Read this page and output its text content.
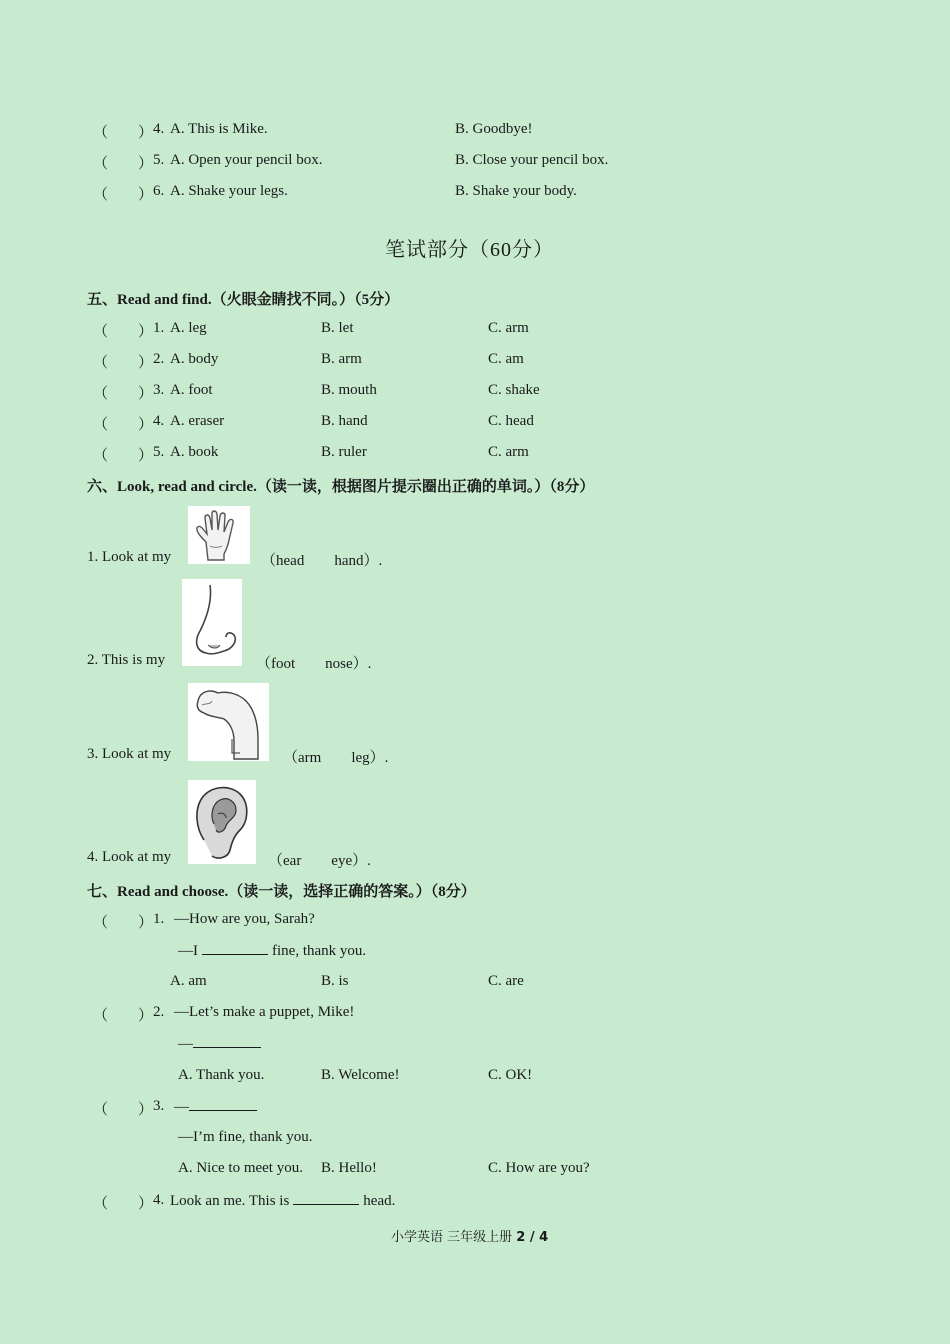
（　　） 4. A. This is Mike.	B. Goodbye!
（　　） 5. A. Open your pencil box.	B. Close your pencil box.
（　　） 6. A. Shake your legs.	B. Shake your body.
笔试部分（60分）
五、Read and find.（火眼金睛找不同。）（5分）
（　　） 1. A. leg	B. let	C. arm
（　　） 2. A. body	B. arm	C. am
（　　） 3. A. foot	B. mouth	C. shake
（　　） 4. A. eraser	B. hand	C. head
（　　） 5. A. book	B. ruler	C. arm
六、Look, read and circle.（读一读，根据图片提示圈出正确的单词。）（8分）
1. Look at my	（head　　hand）.
2. This is my	（foot　　nose）.
3. Look at my	（arm　　leg）.
4. Look at my	（ear　　eye）.
七、Read and choose.（读一读，选择正确的答案。）（8分）
（　　） 1. —How are you, Sarah?
—I	fine, thank you.
A. am	B. is	C. are
（　　） 2. —Let’s make a puppet, Mike!
—
A. Thank you.	B. Welcome!	C. OK!
（　　） 3. —
—I’m fine, thank you.
A. Nice to meet you. B. Hello!	C. How are you?
（　　） 4. Look an me. This is	head.
小学英语 三年级上册 2 / 4
